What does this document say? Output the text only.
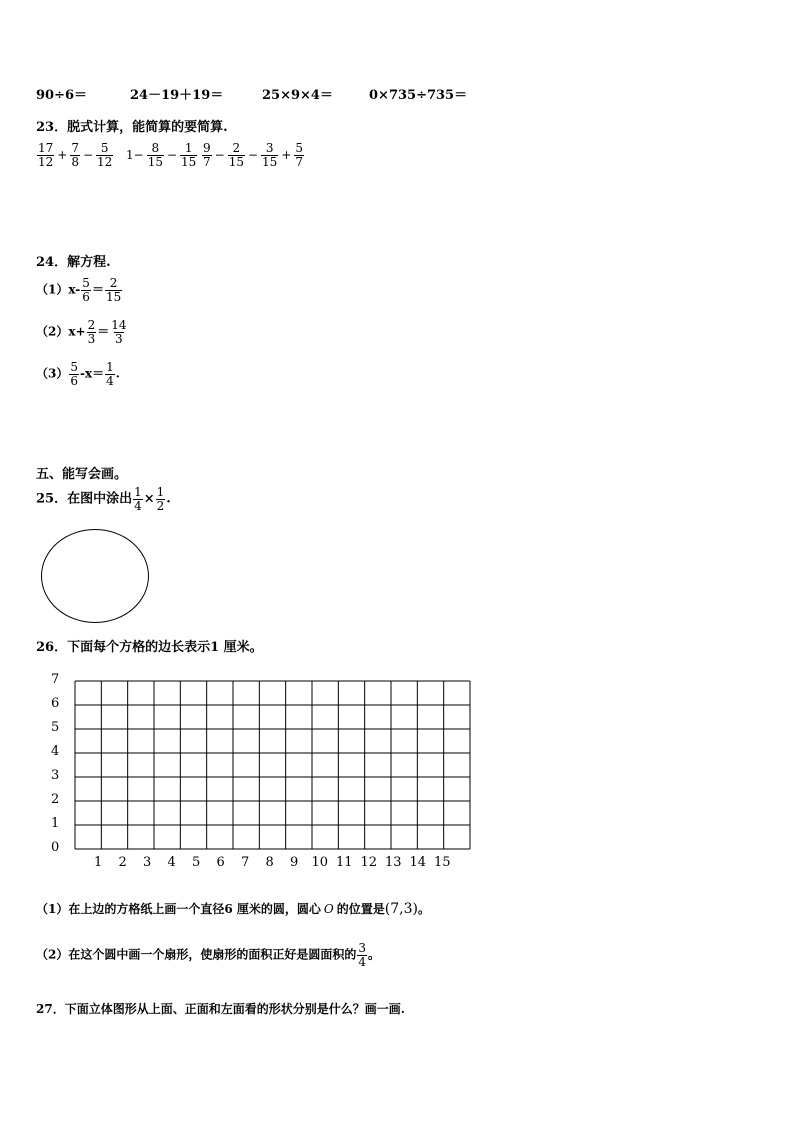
90÷6＝	24－19＋19＝	25×9×4＝	0×735÷735＝
23．脱式计算，能简算的要简算.
$\frac{17}{12} + \frac{7}{8} - \frac{5}{12} 1- \frac{8}{15} - \frac{1}{15} \frac{9}{7} - \frac{2}{15} - \frac{3}{15} + \frac{5}{7}$
24．解方程.
$(1)x- \frac{5}{6} = \frac{2}{15}$
$(2)x+ \frac{2}{3} = \frac{14}{3}$
$(3) \frac{5}{6} -x= \frac{1}{4}$ .
五、能写会画。
25．在图中涂出 $\frac{1}{4} \times \frac{1}{2}$ .
26．下面每个方格的边长表示1 厘米。
7
6
5
4
3
2
1
0
1 2 3 4 5 6 7 8 9 10 11 12 13 14 15
（1）在上边的方格纸上画一个直径6 厘米的圆，圆心 O 的位置是(7,3)。
（2）在这个圆中画一个扇形，使扇形的面积正好是圆面积的 $\frac{3}{4}$ 。
27．下面立体图形从上面、正面和左面看的形状分别是什么？画一画.
